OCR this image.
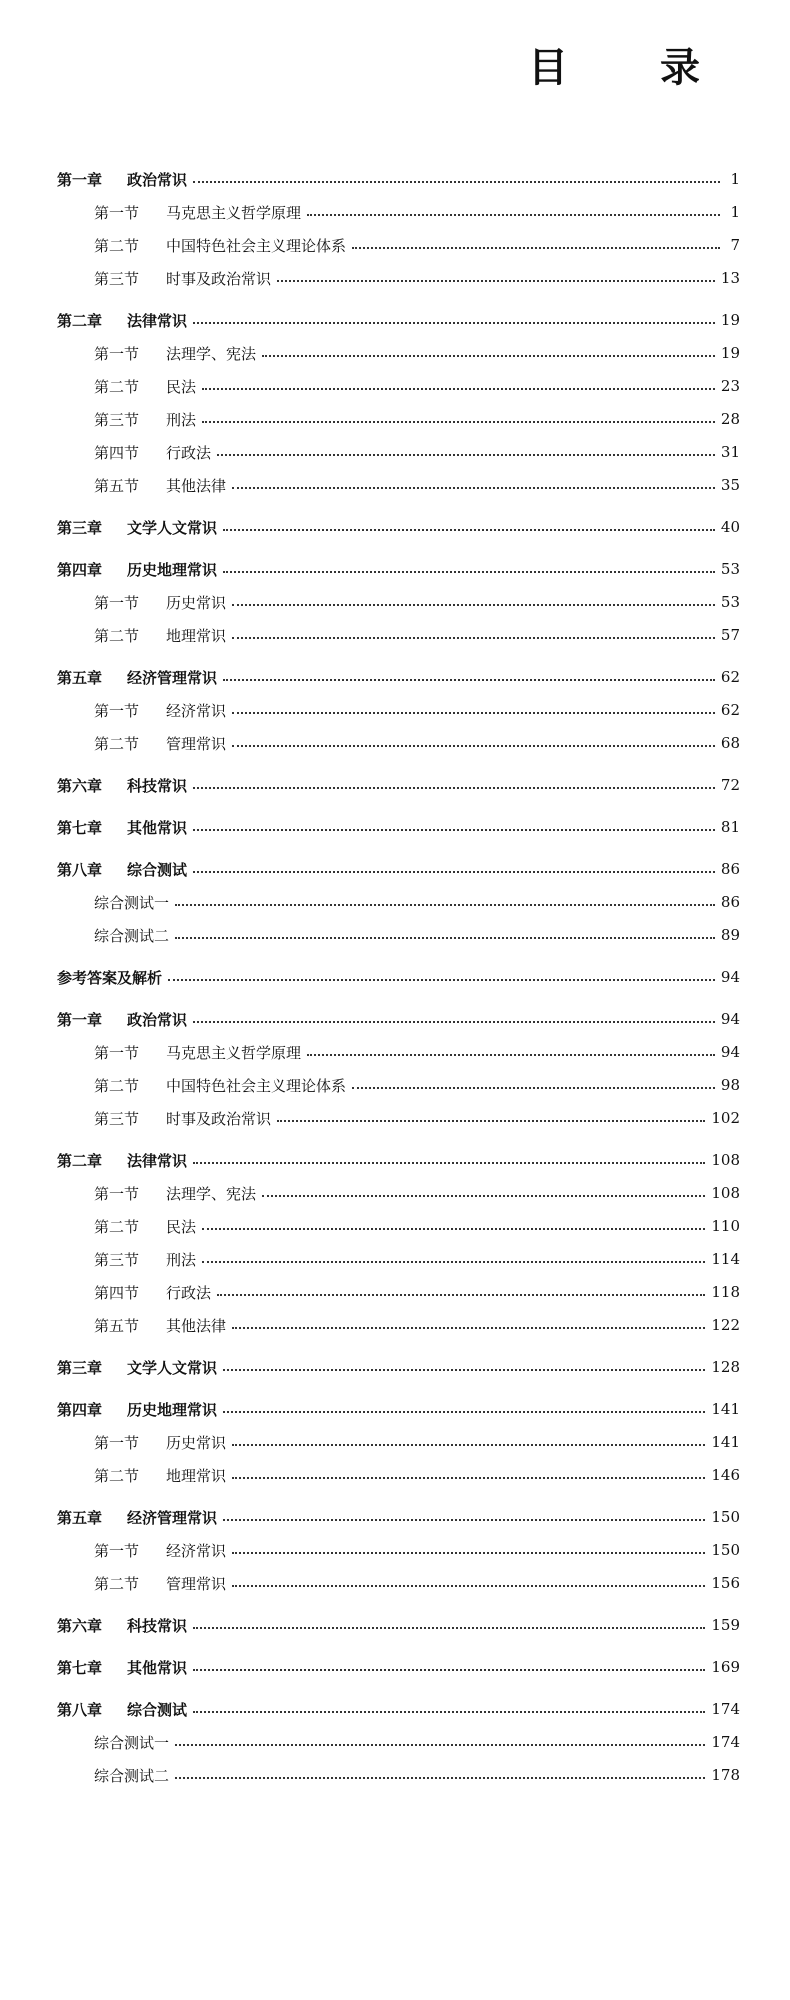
目　录
第一章	政治常识	1
第一节	马克思主义哲学原理	1
第二节	中国特色社会主义理论体系	7
第三节	时事及政治常识	13
第二章	法律常识	19
第一节	法理学、宪法	19
第二节	民法	23
第三节	刑法	28
第四节	行政法	31
第五节	其他法律	35
第三章	文学人文常识	40
第四章	历史地理常识	53
第一节	历史常识	53
第二节	地理常识	57
第五章	经济管理常识	62
第一节	经济常识	62
第二节	管理常识	68
第六章	科技常识	72
第七章	其他常识	81
第八章	综合测试	86
综合测试一	86
综合测试二	89
参考答案及解析	94
第一章	政治常识	94
第一节	马克思主义哲学原理	94
第二节	中国特色社会主义理论体系	98
第三节	时事及政治常识	102
第二章	法律常识	108
第一节	法理学、宪法	108
第二节	民法	110
第三节	刑法	114
第四节	行政法	118
第五节	其他法律	122
第三章	文学人文常识	128
第四章	历史地理常识	141
第一节	历史常识	141
第二节	地理常识	146
第五章	经济管理常识	150
第一节	经济常识	150
第二节	管理常识	156
第六章	科技常识	159
第七章	其他常识	169
第八章	综合测试	174
综合测试一	174
综合测试二	178
